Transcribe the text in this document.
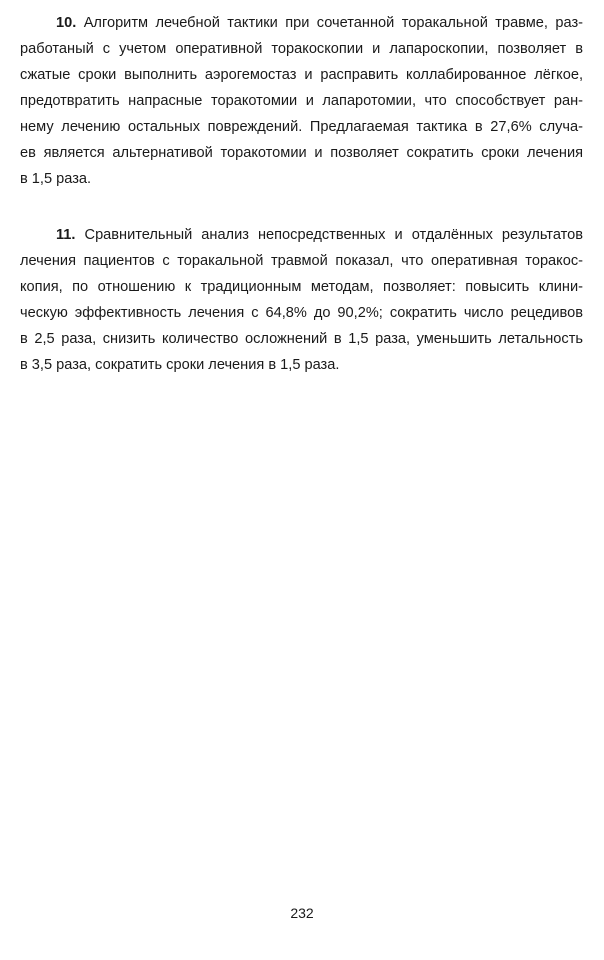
10. Алгоритм лечебной тактики при сочетанной торакальной травме, раз-
работаный с учетом оперативной торакоскопии и лапароскопии, позволяет в
сжатые сроки выполнить аэрогемостаз и расправить коллабированное лёгкое,
предотвратить напрасные торакотомии и лапаротомии, что способствует ран-
нему лечению остальных повреждений. Предлагаемая тактика в 27,6% случа-
ев является альтернативой торакотомии и позволяет сократить сроки лечения
в 1,5 раза.
11. Сравнительный анализ непосредственных и отдалённых результатов
лечения пациентов с торакальной травмой показал, что оперативная торакос-
копия, по отношению к традиционным методам, позволяет: повысить клини-
ческую эффективность лечения с 64,8% до 90,2%; сократить число рецедивов
в 2,5 раза, снизить количество осложнений в 1,5 раза, уменьшить летальность
в 3,5 раза, сократить сроки лечения в 1,5 раза.
232
